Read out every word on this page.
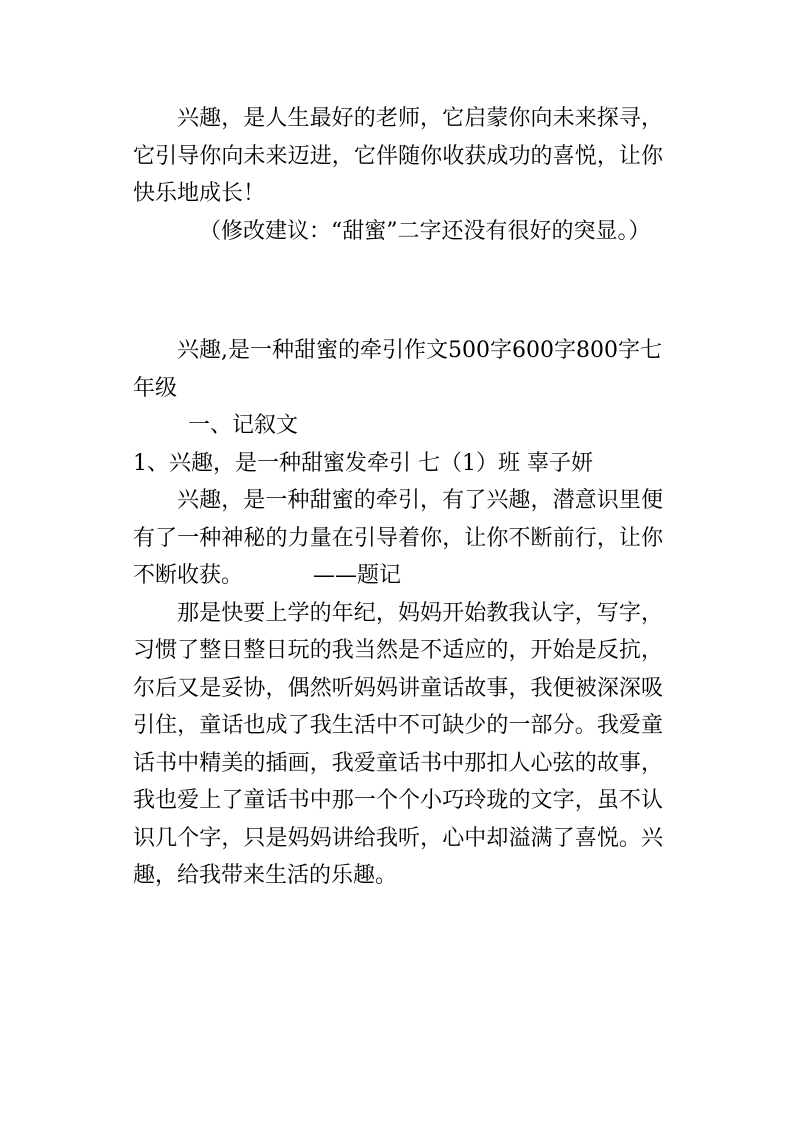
兴趣，是人生最好的老师，它启蒙你向未来探寻，它引导你向未来迈进，它伴随你收获成功的喜悦，让你快乐地成长！

（修改建议：“甜蜜”二字还没有很好的突显。）

兴趣,是一种甜蜜的牵引作文500字600字800字七年级

一、记叙文

1、兴趣，是一种甜蜜发牵引 七（1）班 辜子妍

兴趣，是一种甜蜜的牵引，有了兴趣，潜意识里便有了一种神秘的力量在引导着你，让你不断前行，让你不断收获。	——题记

那是快要上学的年纪，妈妈开始教我认字，写字，习惯了整日整日玩的我当然是不适应的，开始是反抗，尔后又是妥协，偶然听妈妈讲童话故事，我便被深深吸引住，童话也成了我生活中不可缺少的一部分。我爱童话书中精美的插画，我爱童话书中那扣人心弦的故事，我也爱上了童话书中那一个个小巧玲珑的文字，虽不认识几个字，只是妈妈讲给我听，心中却溢满了喜悦。兴趣，给我带来生活的乐趣。
